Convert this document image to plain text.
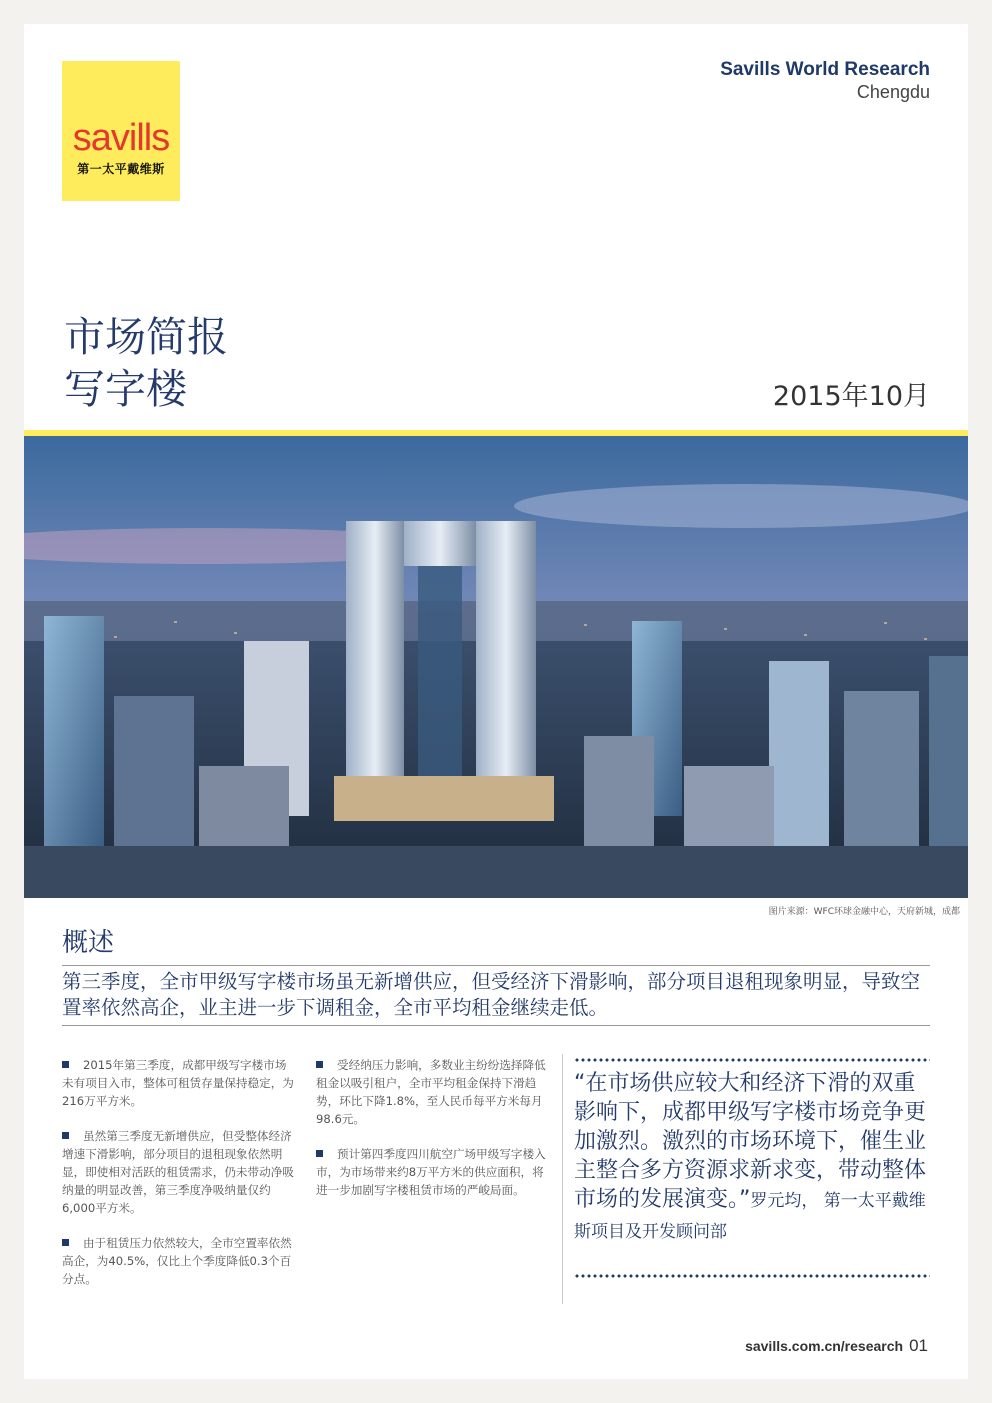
savills
第一太平戴维斯
Savills World Research
Chengdu
市场简报
写字楼	2015年10月
图片来源：WFC环球金融中心，天府新城，成都
概述
第三季度，全市甲级写字楼市场虽无新增供应，但受经济下滑影响，部分项目退租现象明显，导致空置率依然高企，业主进一步下调租金，全市平均租金继续走低。
2015年第三季度，成都甲级写字楼市场未有项目入市，整体可租赁存量保持稳定，为216万平方米。
虽然第三季度无新增供应，但受整体经济增速下滑影响，部分项目的退租现象依然明显，即使相对活跃的租赁需求，仍未带动净吸纳量的明显改善，第三季度净吸纳量仅约6,000平方米。
由于租赁压力依然较大，全市空置率依然高企，为40.5%，仅比上个季度降低0.3个百分点。
受经纳压力影响，多数业主纷纷选择降低租金以吸引租户，全市平均租金保持下滑趋势，环比下降1.8%，至人民币每平方米每月98.6元。
预计第四季度四川航空广场甲级写字楼入市，为市场带来约8万平方米的供应面积，将进一步加剧写字楼租赁市场的严峻局面。
“在市场供应较大和经济下滑的双重影响下，成都甲级写字楼市场竞争更加激烈。激烈的市场环境下，催生业主整合多方资源求新求变，带动整体市场的发展演变。”罗元均， 第一太平戴维斯项目及开发顾问部
savills.com.cn/research 01
